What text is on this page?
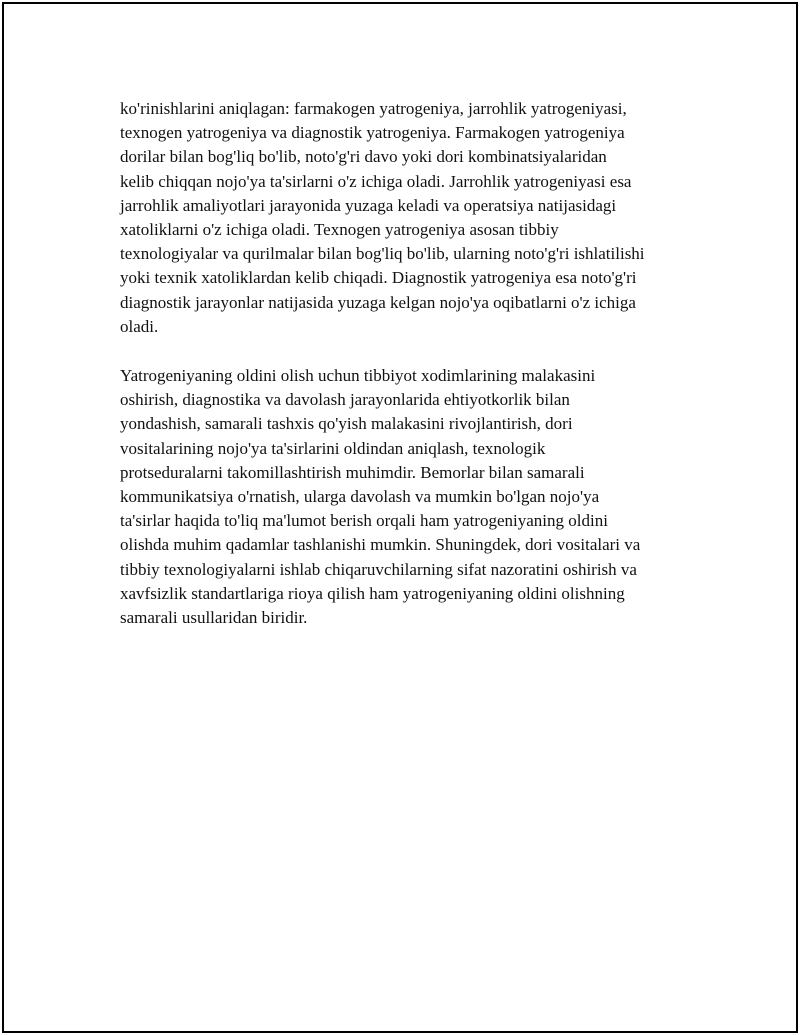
ko'rinishlarini aniqlagan: farmakogen yatrogeniya, jarrohlik yatrogeniyasi,
texnogen yatrogeniya va diagnostik yatrogeniya. Farmakogen yatrogeniya
dorilar bilan bog'liq bo'lib, noto'g'ri davo yoki dori kombinatsiyalaridan
kelib chiqqan nojo'ya ta'sirlarni o'z ichiga oladi. Jarrohlik yatrogeniyasi esa
jarrohlik amaliyotlari jarayonida yuzaga keladi va operatsiya natijasidagi
xatoliklarni o'z ichiga oladi. Texnogen yatrogeniya asosan tibbiy
texnologiyalar va qurilmalar bilan bog'liq bo'lib, ularning noto'g'ri ishlatilishi
yoki texnik xatoliklardan kelib chiqadi. Diagnostik yatrogeniya esa noto'g'ri
diagnostik jarayonlar natijasida yuzaga kelgan nojo'ya oqibatlarni o'z ichiga
oladi.

Yatrogeniyaning oldini olish uchun tibbiyot xodimlarining malakasini
oshirish, diagnostika va davolash jarayonlarida ehtiyotkorlik bilan
yondashish, samarali tashxis qo'yish malakasini rivojlantirish, dori
vositalarining nojo'ya ta'sirlarini oldindan aniqlash, texnologik
protseduralarni takomillashtirish muhimdir. Bemorlar bilan samarali
kommunikatsiya o'rnatish, ularga davolash va mumkin bo'lgan nojo'ya
ta'sirlar haqida to'liq ma'lumot berish orqali ham yatrogeniyaning oldini
olishda muhim qadamlar tashlanishi mumkin. Shuningdek, dori vositalari va
tibbiy texnologiyalarni ishlab chiqaruvchilarning sifat nazoratini oshirish va
xavfsizlik standartlariga rioya qilish ham yatrogeniyaning oldini olishning
samarali usullaridan biridir.
